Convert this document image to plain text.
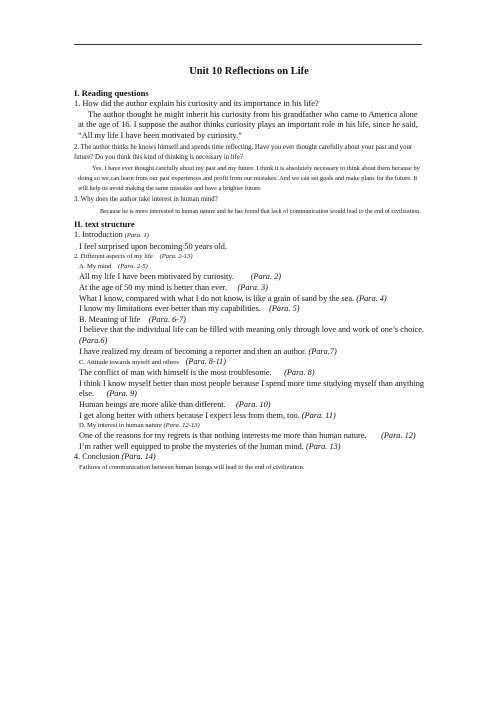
Unit 10 Reflections on Life

I. Reading questions

1. How did the author explain his curiosity and its importance in his life?

The author thought he might inherit his curiosity from his grandfather who came to America alone at the age of 16. I suppose the author thinks curiosity plays an important role in his life, since he said, “All my life I have been motivated by curiosity.”

2. The author thinks he knows himself and spends time reflecting. Have you ever thought carefully about your past and your future? Do you think this kind of thinking is necessary in life?

Yes, I have ever thought carefully about my past and my future. I think it is absolutely necessary to think about them because by doing so we can learn from our past experiences and profit from our mistakes. And we can set goals and make plans for the future. It will help us avoid making the same mistakes and have a brighter future.

3. Why does the author take interest in human mind?

Because he is more interested in human nature and he has found that lack of communication would lead to the end of civilization.

II. text structure

1. Introduction (Para. 1)

I feel surprised upon becoming 50 years old.

2. Different aspects of my life (Para. 2-13)

A. My mind (Para. 2-5)

All my life I have been motivated by curiosity. (Para. 2)

At the age of 50 my mind is better than ever. (Para. 3)

What I know, compared with what I do not know, is like a grain of sand by the sea. (Para. 4)

I know my limitations ever better than my capabilities. (Para. 5)

B. Meaning of life (Para. 6-7)

I believe that the individual life can be filled with meaning only through love and work of one’s choice. (Para.6)

I have realized my dream of becoming a reporter and then an author. (Para.7)

C. Attitude towards myself and others (Para. 8-11)

The conflict of man with himself is the most troublesome. (Para. 8)

I think I know myself better than most people because I spend more time studying myself than anything else. (Para. 9)

Human beings are more alike than different. (Para. 10)

I get along better with others because I expect less from them, too. (Para. 11)

D. My interest in human nature (Para. 12-13)

One of the reasons for my regrets is that nothing interests me more than human nature. (Para. 12)

I’m rather well equipped to probe the mysteries of the human mind. (Para. 13)

4. Conclusion (Para. 14)

Failures of communication between human beings will lead to the end of civilization.
